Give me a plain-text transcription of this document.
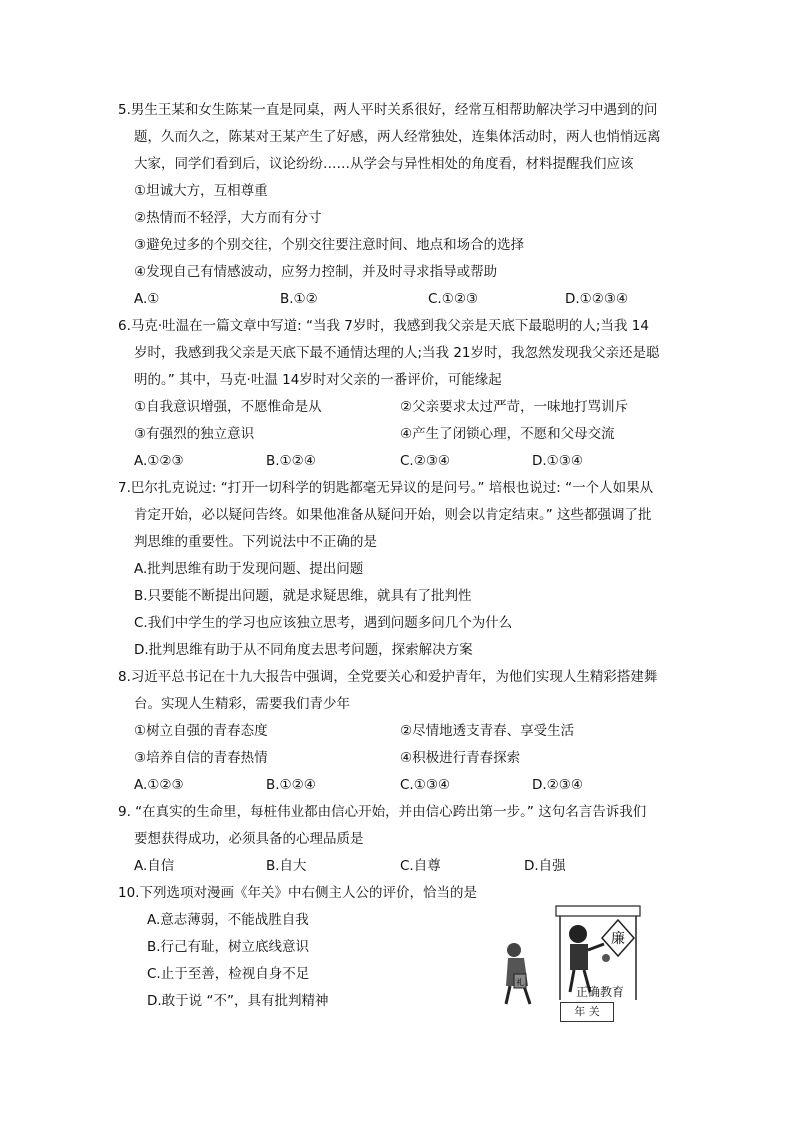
5.男生王某和女生陈某一直是同桌，两人平时关系很好，经常互相帮助解决学习中遇到的问
题，久而久之，陈某对王某产生了好感，两人经常独处，连集体活动时，两人也悄悄远离
大家，同学们看到后，议论纷纷……从学会与异性相处的角度看，材料提醒我们应该
①坦诚大方，互相尊重
②热情而不轻浮，大方而有分寸
③避免过多的个别交往，个别交往要注意时间、地点和场合的选择
④发现自己有情感波动，应努力控制，并及时寻求指导或帮助
A.①	B.①②	C.①②③	D.①②③④
6.马克·吐温在一篇文章中写道: “当我 7岁时，我感到我父亲是天底下最聪明的人;当我 14
岁时，我感到我父亲是天底下最不通情达理的人;当我 21岁时，我忽然发现我父亲还是聪
明的。” 其中，马克·吐温 14岁时对父亲的一番评价，可能缘起
①自我意识增强，不愿惟命是从	②父亲要求太过严苛，一味地打骂训斥
③有强烈的独立意识	④产生了闭锁心理，不愿和父母交流
A.①②③	B.①②④	C.②③④	D.①③④
7.巴尔扎克说过: “打开一切科学的钥匙都毫无异议的是问号。” 培根也说过: “一个人如果从
肯定开始，必以疑问告终。如果他准备从疑问开始，则会以肯定结束。” 这些都强调了批
判思维的重要性。下列说法中不正确的是
A.批判思维有助于发现问题、提出问题
B.只要能不断提出问题，就是求疑思维，就具有了批判性
C.我们中学生的学习也应该独立思考，遇到问题多问几个为什么
D.批判思维有助于从不同角度去思考问题，探索解决方案
8.习近平总书记在十九大报告中强调，全党要关心和爱护青年，为他们实现人生精彩搭建舞
台。实现人生精彩，需要我们青少年
①树立自强的青春态度	②尽情地透支青春、享受生活
③培养自信的青春热情	④积极进行青春探索
A.①②③	B.①②④	C.①③④	D.②③④
9. “在真实的生命里，每桩伟业都由信心开始，并由信心跨出第一步。” 这句名言告诉我们
要想获得成功，必须具备的心理品质是
A.自信	B.自大	C.自尊	D.自强
10.下列选项对漫画《年关》中右侧主人公的评价，恰当的是
A.意志薄弱，不能战胜自我
B.行己有耻，树立底线意识
C.止于至善，检视自身不足
D.敢于说 “不”，具有批判精神
廉
礼
正确教育
年 关
